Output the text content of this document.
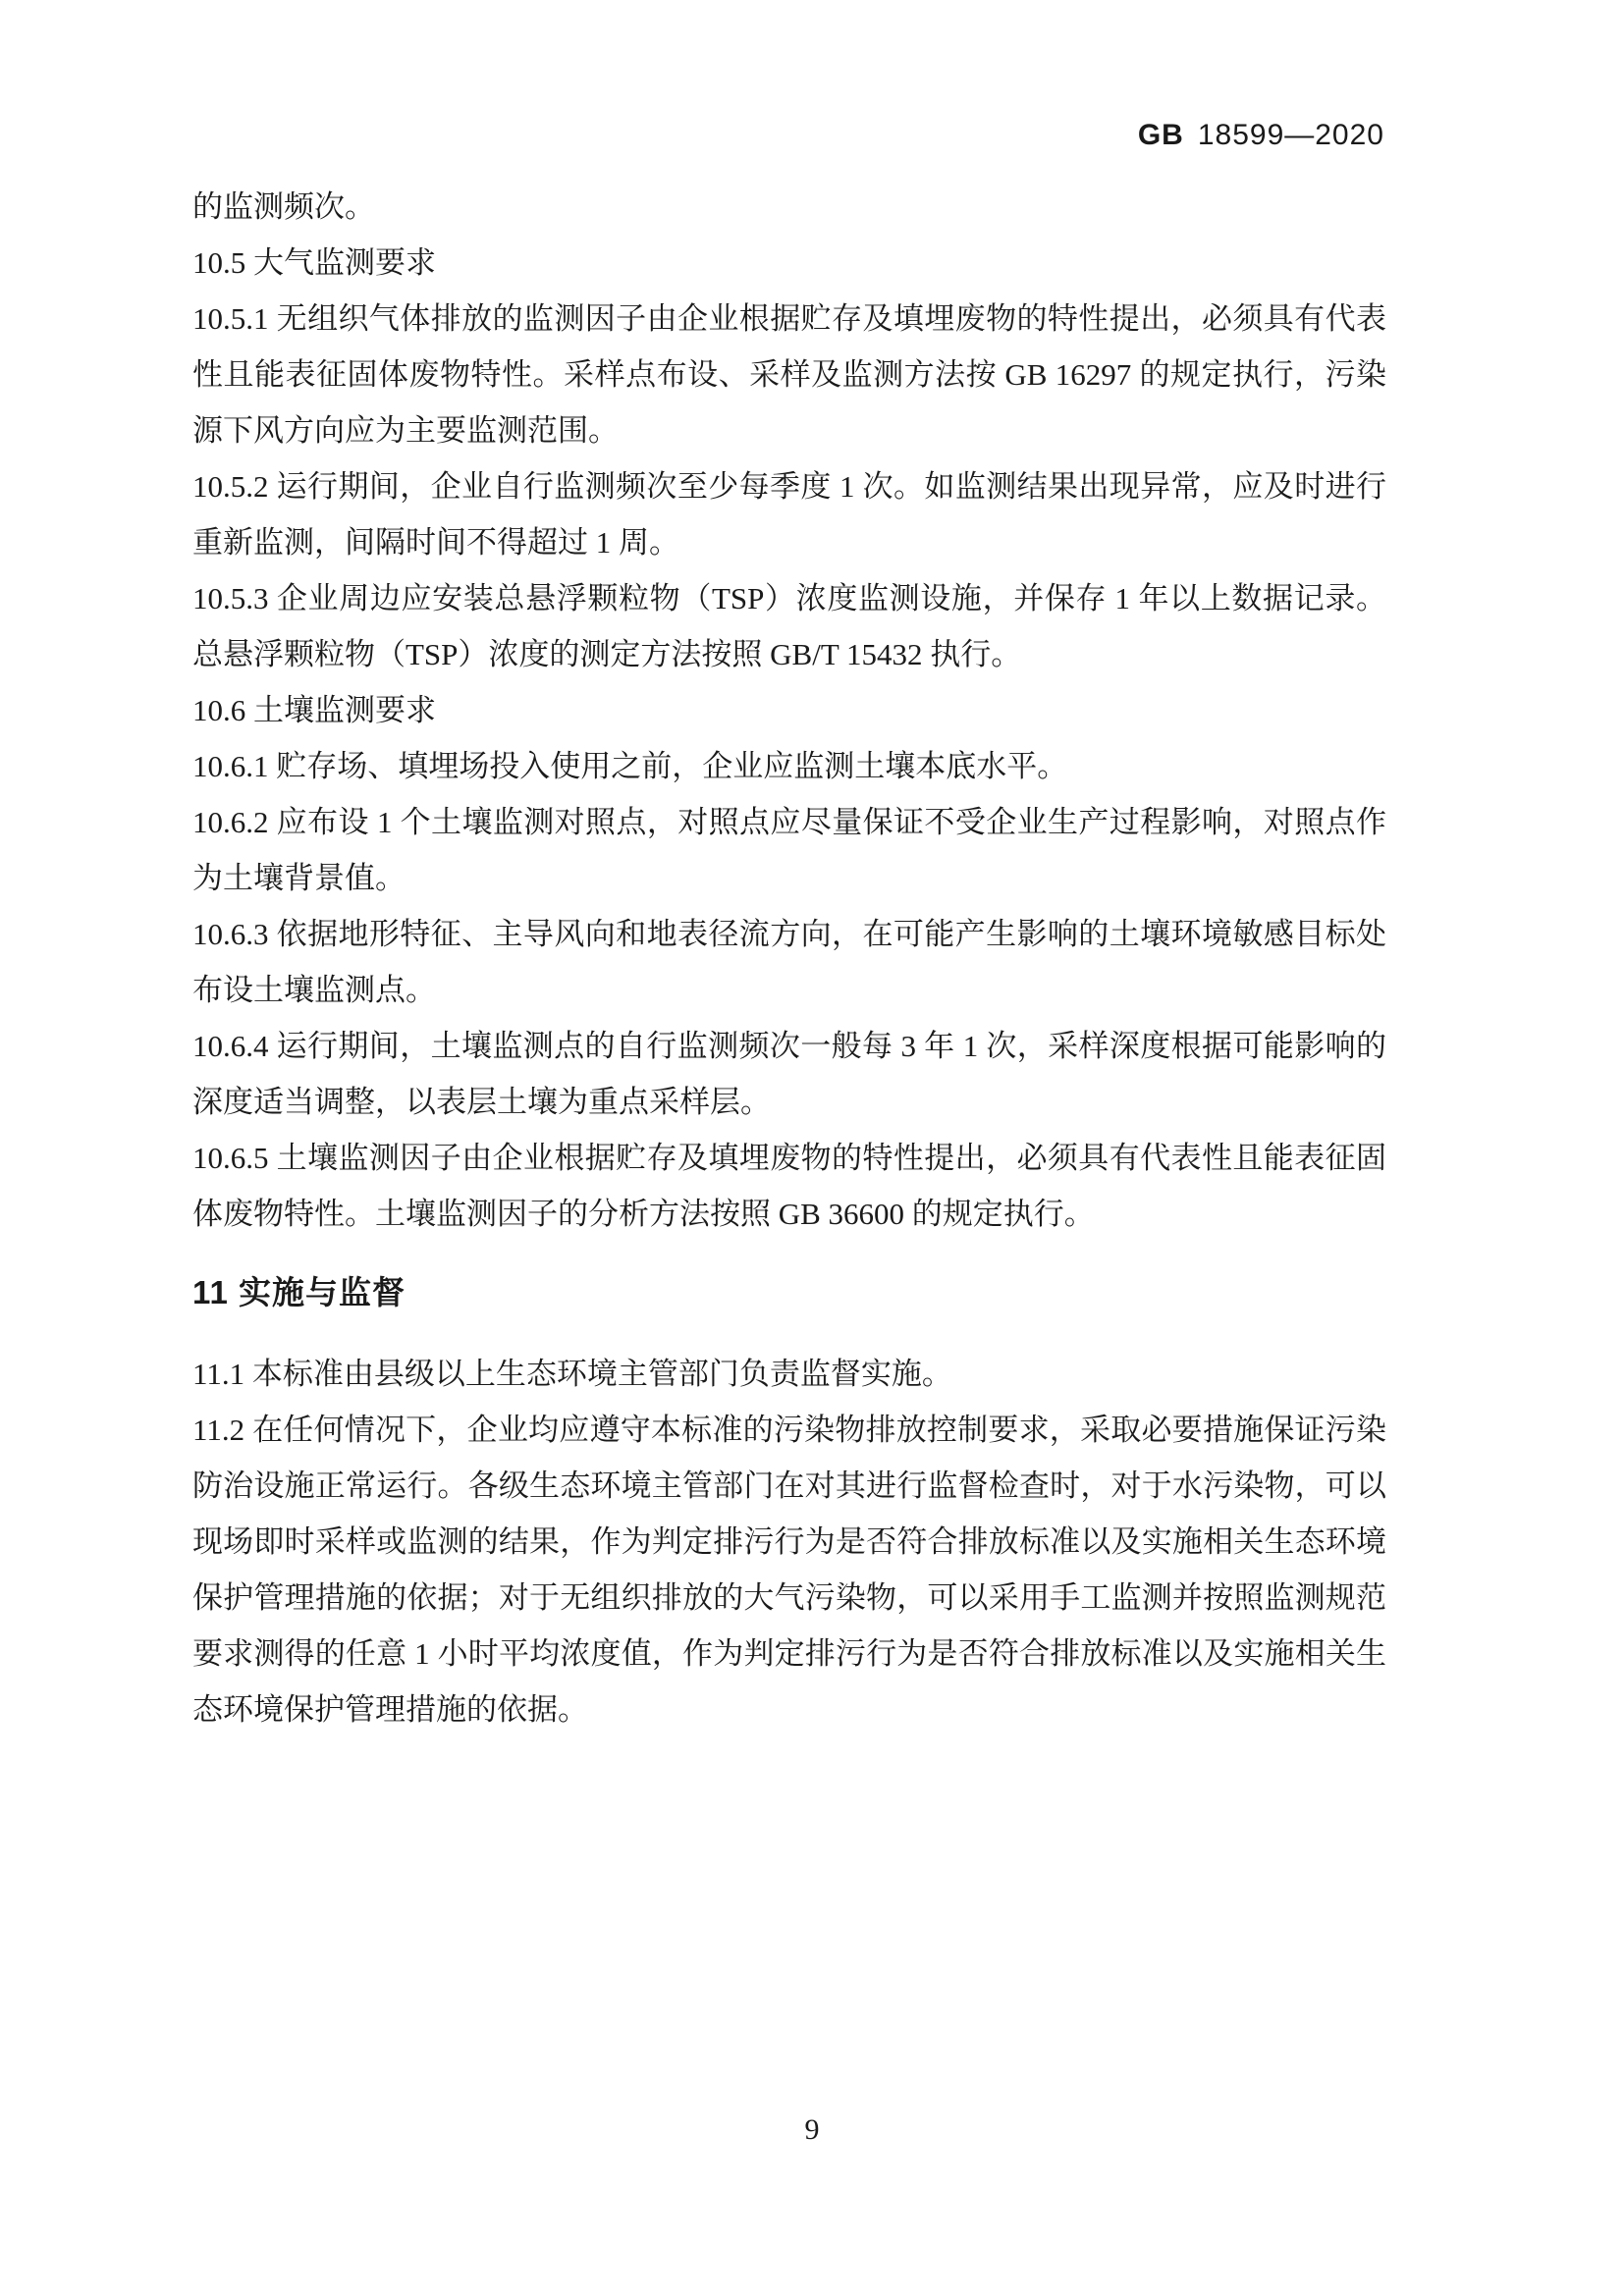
GB 18599—2020

的监测频次。

10.5 大气监测要求

10.5.1 无组织气体排放的监测因子由企业根据贮存及填埋废物的特性提出，必须具有代表性且能表征固体废物特性。采样点布设、采样及监测方法按 GB 16297 的规定执行，污染源下风方向应为主要监测范围。

10.5.2 运行期间，企业自行监测频次至少每季度 1 次。如监测结果出现异常，应及时进行重新监测，间隔时间不得超过 1 周。

10.5.3 企业周边应安装总悬浮颗粒物（TSP）浓度监测设施，并保存 1 年以上数据记录。总悬浮颗粒物（TSP）浓度的测定方法按照 GB/T 15432 执行。

10.6 土壤监测要求

10.6.1 贮存场、填埋场投入使用之前，企业应监测土壤本底水平。

10.6.2 应布设 1 个土壤监测对照点，对照点应尽量保证不受企业生产过程影响，对照点作为土壤背景值。

10.6.3 依据地形特征、主导风向和地表径流方向，在可能产生影响的土壤环境敏感目标处布设土壤监测点。

10.6.4 运行期间，土壤监测点的自行监测频次一般每 3 年 1 次，采样深度根据可能影响的深度适当调整，以表层土壤为重点采样层。

10.6.5 土壤监测因子由企业根据贮存及填埋废物的特性提出，必须具有代表性且能表征固体废物特性。土壤监测因子的分析方法按照 GB 36600 的规定执行。

11 实施与监督

11.1 本标准由县级以上生态环境主管部门负责监督实施。

11.2 在任何情况下，企业均应遵守本标准的污染物排放控制要求，采取必要措施保证污染防治设施正常运行。各级生态环境主管部门在对其进行监督检查时，对于水污染物，可以现场即时采样或监测的结果，作为判定排污行为是否符合排放标准以及实施相关生态环境保护管理措施的依据；对于无组织排放的大气污染物，可以采用手工监测并按照监测规范要求测得的任意 1 小时平均浓度值，作为判定排污行为是否符合排放标准以及实施相关生态环境保护管理措施的依据。

9
